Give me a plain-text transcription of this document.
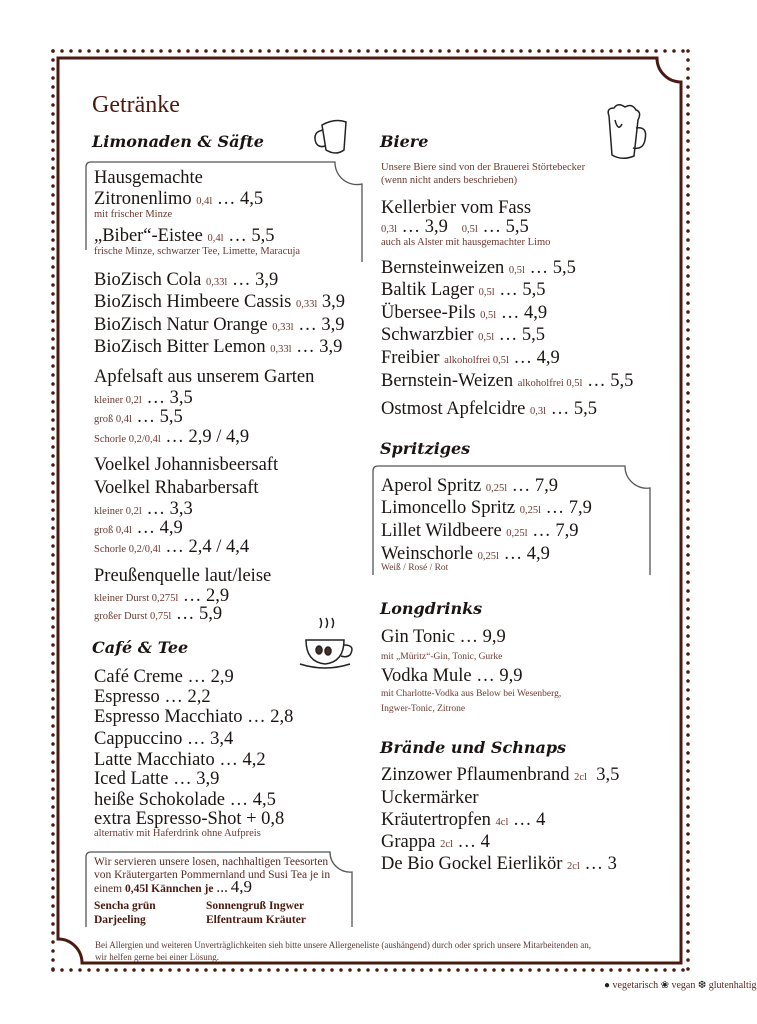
Getränke
Limonaden & Säfte
Hausgemachte
Zitronenlimo 0,4l … 4,5
mit frischer Minze
„Biber“-Eistee 0,4l … 5,5
frische Minze, schwarzer Tee, Limette, Maracuja
BioZisch Cola 0,33l … 3,9
BioZisch Himbeere Cassis 0,33l 3,9
BioZisch Natur Orange 0,33l … 3,9
BioZisch Bitter Lemon 0,33l … 3,9
Apfelsaft aus unserem Garten
kleiner 0,2l … 3,5
groß 0,4l … 5,5
Schorle 0,2/0,4l … 2,9 / 4,9
Voelkel Johannisbeersaft
Voelkel Rhabarbersaft
kleiner 0,2l … 3,3
groß 0,4l … 4,9
Schorle 0,2/0,4l … 2,4 / 4,4
Preußenquelle laut/leise
kleiner Durst 0,275l … 2,9
großer Durst 0,75l … 5,9
Café & Tee
Café Creme … 2,9
Espresso … 2,2
Espresso Macchiato … 2,8
Cappuccino … 3,4
Latte Macchiato … 4,2
Iced Latte … 3,9
heiße Schokolade … 4,5
extra Espresso-Shot + 0,8
alternativ mit Haferdrink ohne Aufpreis
Wir servieren unsere losen, nachhaltigen Teesorten
von Kräutergarten Pommernland und Susi Tea je in
einem 0,45l Kännchen je … 4,9
Sencha grün	Sonnengruß Ingwer
Darjeeling	Elfentraum Kräuter
Biere
Unsere Biere sind von der Brauerei Störtebecker
(wenn nicht anders beschrieben)
Kellerbier vom Fass
0,3l … 3,9 0,5l … 5,5
auch als Alster mit hausgemachter Limo
Bernsteinweizen 0,5l … 5,5
Baltik Lager 0,5l … 5,5
Übersee-Pils 0,5l … 4,9
Schwarzbier 0,5l … 5,5
Freibier alkoholfrei 0,5l … 4,9
Bernstein-Weizen alkoholfrei 0,5l … 5,5
Ostmost Apfelcidre 0,3l … 5,5
Spritziges
Aperol Spritz 0,25l … 7,9
Limoncello Spritz 0,25l … 7,9
Lillet Wildbeere 0,25l … 7,9
Weinschorle 0,25l … 4,9
Weiß / Rosé / Rot
Longdrinks
Gin Tonic … 9,9
mit „Müritz“-Gin, Tonic, Gurke
Vodka Mule … 9,9
mit Charlotte-Vodka aus Below bei Wesenberg,
Ingwer-Tonic, Zitrone
Brände und Schnaps
Zinzower Pflaumenbrand 2cl 3,5
Uckermärker
Kräutertropfen 4cl … 4
Grappa 2cl … 4
De Bio Gockel Eierlikör 2cl … 3
Bei Allergien und weiteren Unverträglichkeiten sieh bitte unsere Allergeneliste (aushängend) durch oder sprich unsere Mitarbeitenden an,
wir helfen gerne bei einer Lösung.
● vegetarisch ❀ vegan ❆ glutenhaltig
